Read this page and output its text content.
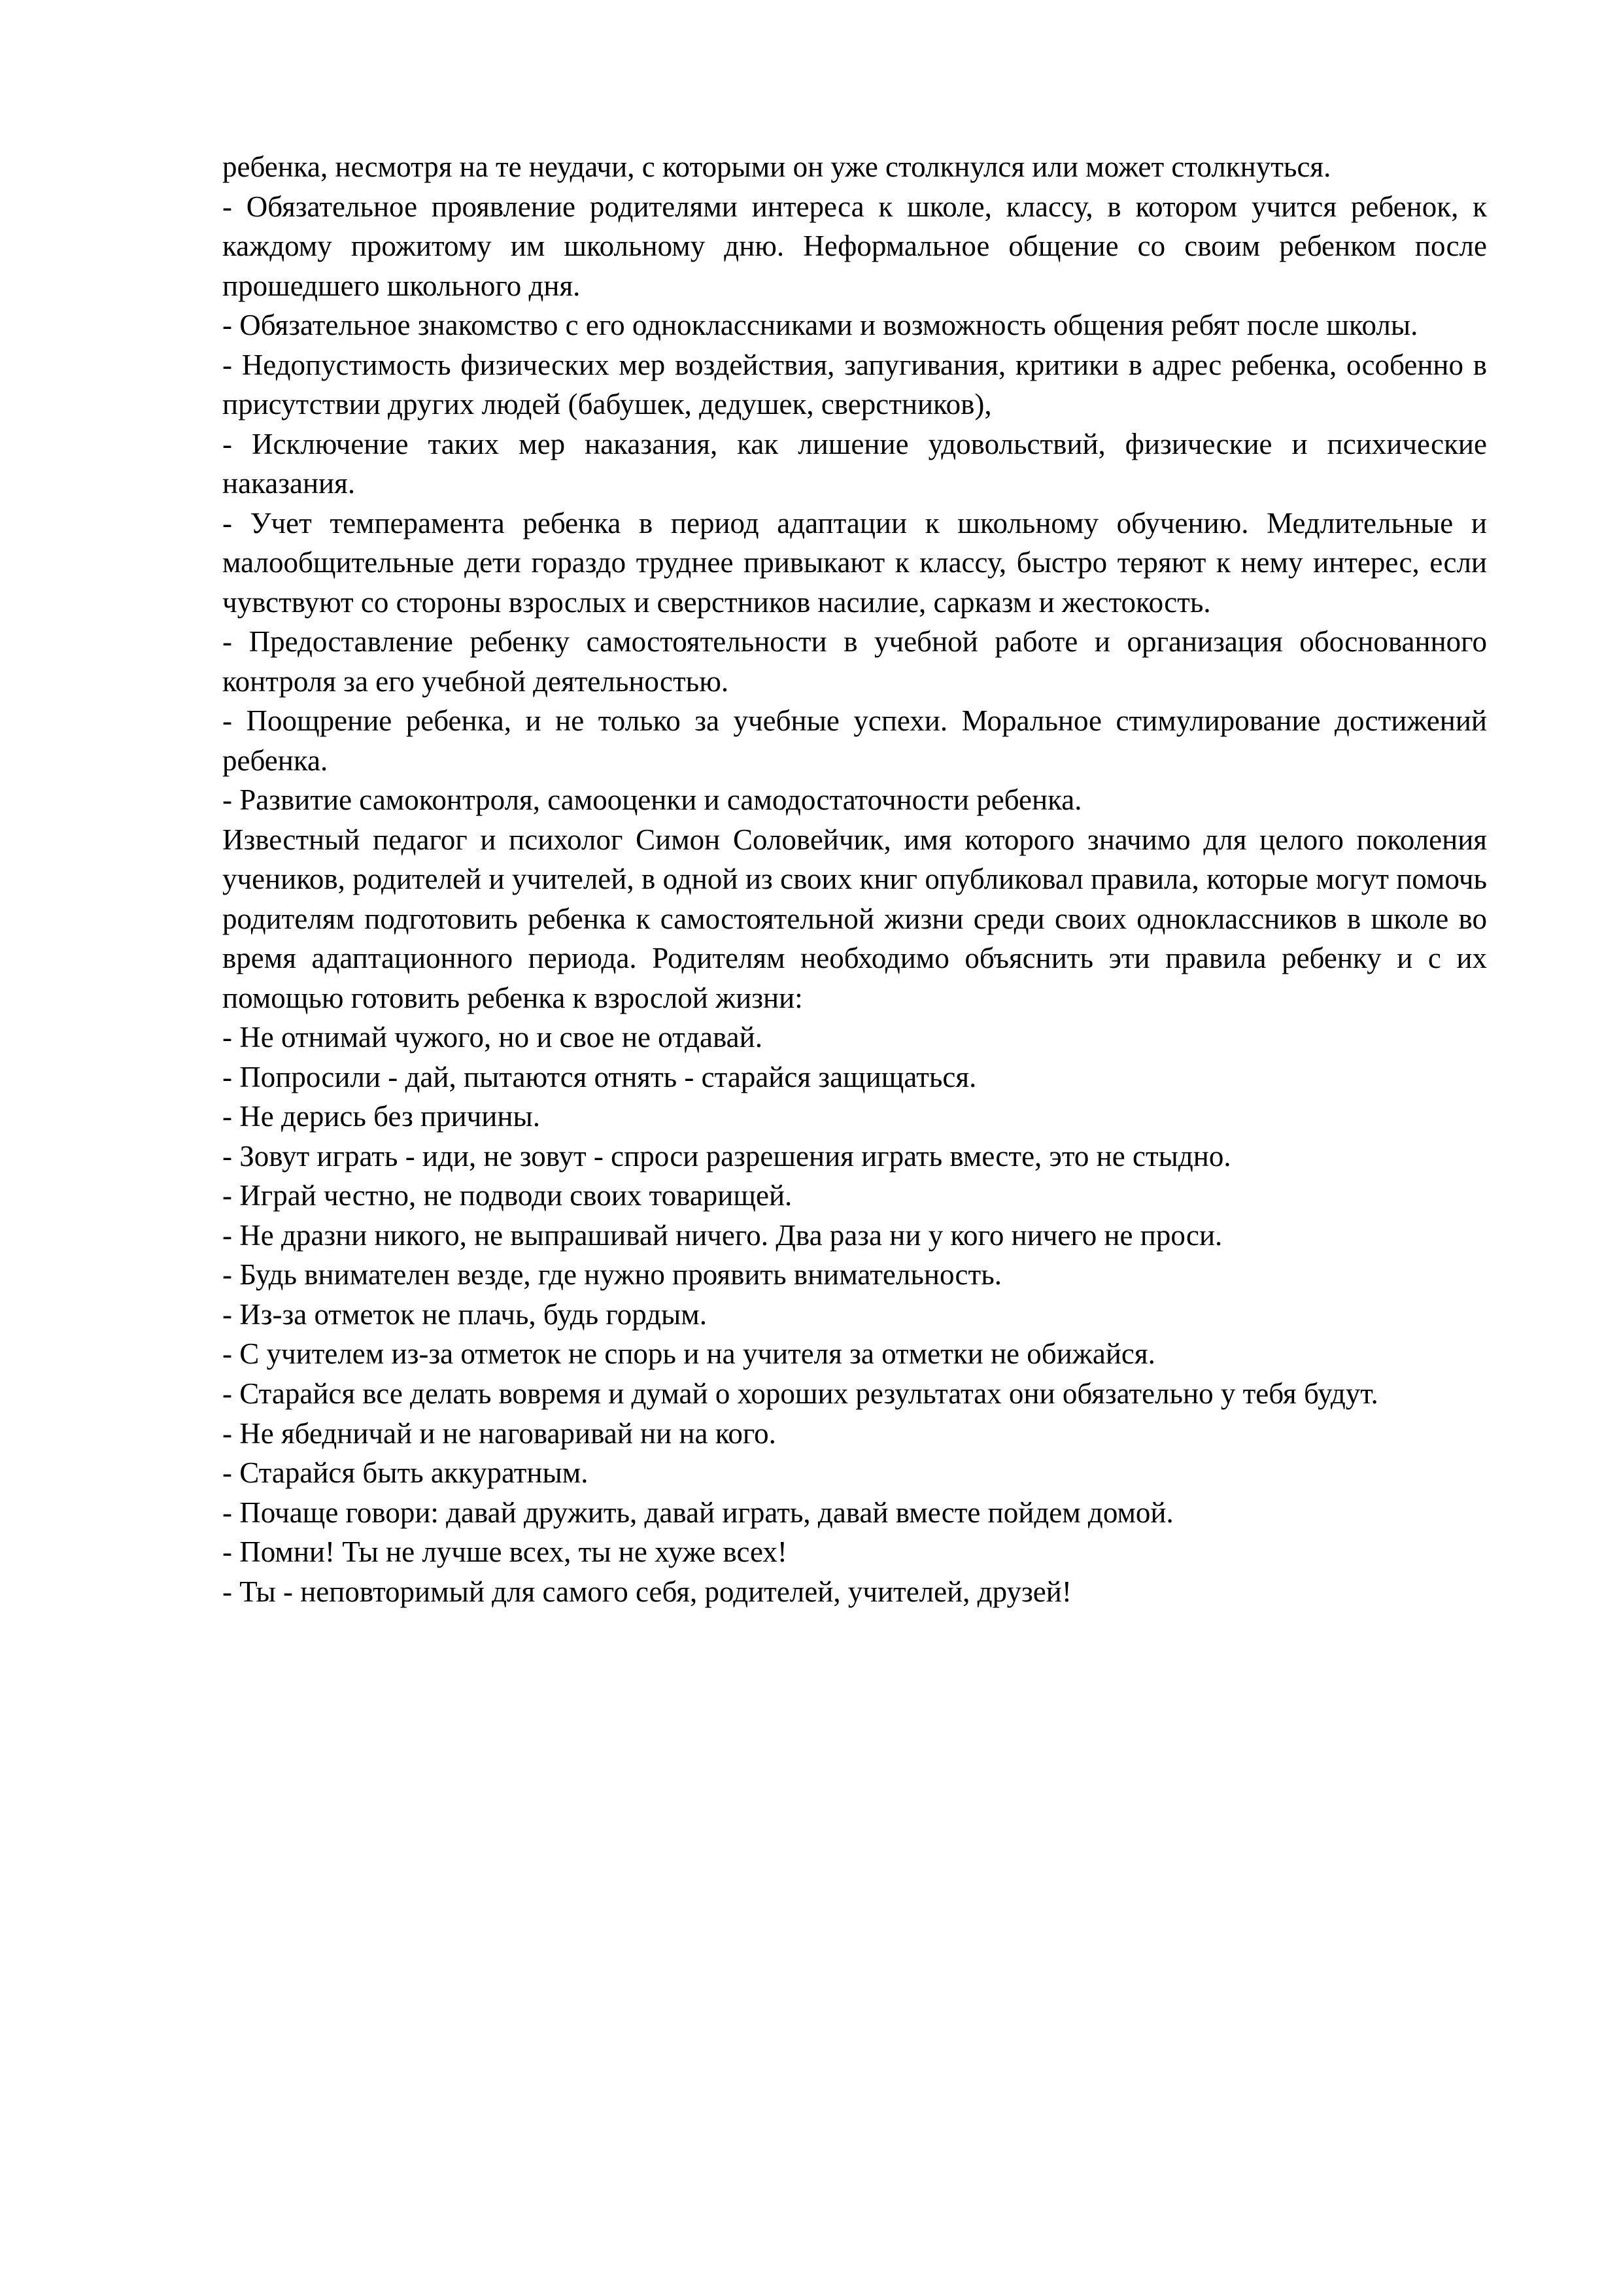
ребенка, несмотря на те неудачи, с которыми он уже столкнулся или может столкнуться.

- Обязательное проявление родителями интереса к школе, классу, в котором учится ребенок, к каждому прожитому им школьному дню. Неформальное общение со своим ребенком после прошедшего школьного дня.

- Обязательное знакомство с его одноклассниками и возможность общения ребят после школы.

- Недопустимость физических мер воздействия, запугивания, критики в адрес ребенка, особенно в присутствии других людей (бабушек, дедушек, сверстников),

- Исключение таких мер наказания, как лишение удовольствий, физические и психические наказания.

- Учет темперамента ребенка в период адаптации к школьному обучению. Медлительные и малообщительные дети гораздо труднее привыкают к классу, быстро теряют к нему интерес, если чувствуют со стороны взрослых и сверстников насилие, сарказм и жестокость.

- Предоставление ребенку самостоятельности в учебной работе и организация обоснованного контроля за его учебной деятельностью.

- Поощрение ребенка, и не только за учебные успехи. Моральное стимулирование достижений ребенка.

- Развитие самоконтроля, самооценки и самодостаточности ребенка.

Известный педагог и психолог Симон Соловейчик, имя которого значимо для целого поколения учеников, родителей и учителей, в одной из своих книг опубликовал правила, которые могут помочь родителям подготовить ребенка к самостоятельной жизни среди своих одноклассников в школе во время адаптационного периода. Родителям необходимо объяснить эти правила ребенку и с их помощью готовить ребенка к взрослой жизни:

- Не отнимай чужого, но и свое не отдавай.

- Попросили - дай, пытаются отнять - старайся защищаться.

- Не дерись без причины.

- Зовут играть - иди, не зовут - спроси разрешения играть вместе, это не стыдно.

- Играй честно, не подводи своих товарищей.

- Не дразни никого, не выпрашивай ничего. Два раза ни у кого ничего не проси.

- Будь внимателен везде, где нужно проявить внимательность.

- Из-за отметок не плачь, будь гордым.

- С учителем из-за отметок не спорь и на учителя за отметки не обижайся.

- Старайся все делать вовремя и думай о хороших результатах они обязательно у тебя будут.

- Не ябедничай и не наговаривай ни на кого.

- Старайся быть аккуратным.

- Почаще говори: давай дружить, давай играть, давай вместе пойдем домой.

- Помни! Ты не лучше всех, ты не хуже всех!

- Ты - неповторимый для самого себя, родителей, учителей, друзей!
